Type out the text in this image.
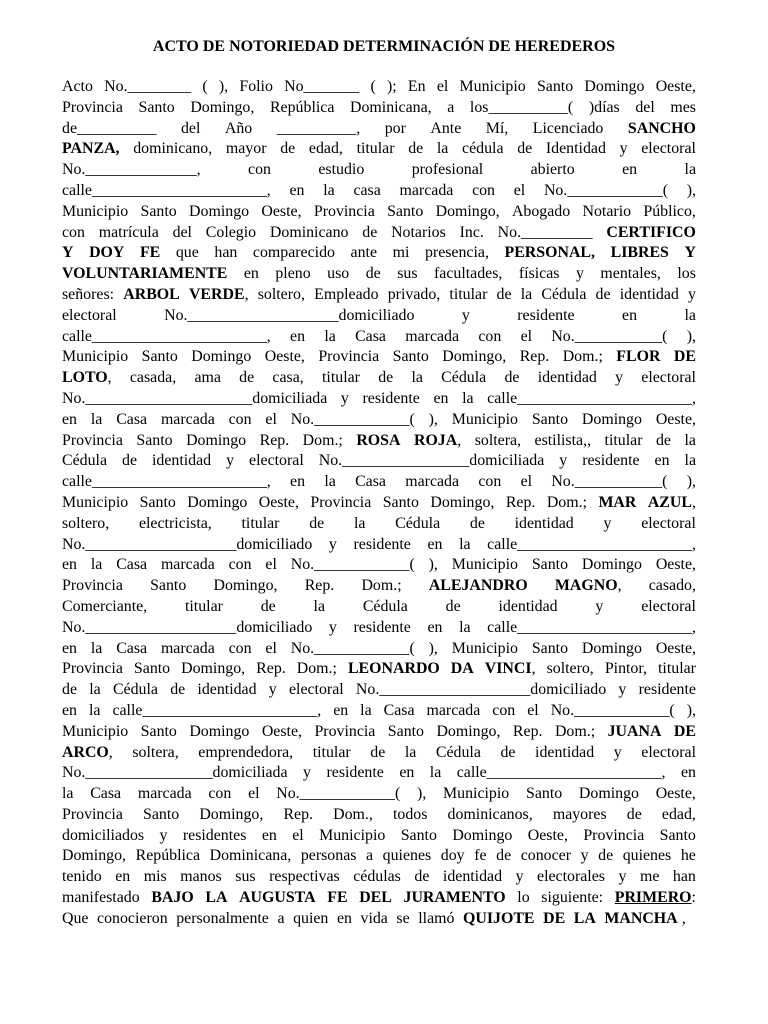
ACTO DE NOTORIEDAD DETERMINACIÓN DE HEREDEROS
Acto No.________ ( ), Folio No_______ ( ); En el Municipio Santo Domingo Oeste,
Provincia Santo Domingo, República Dominicana, a los__________( )días del mes
de__________ del Año __________, por Ante Mí, Licenciado SANCHO
PANZA, dominicano, mayor de edad, titular de la cédula de Identidad y electoral
No.______________,	con	estudio	profesional	abierto	en	la
calle______________________, en la casa marcada con el No.____________( ),
Municipio Santo Domingo Oeste, Provincia Santo Domingo, Abogado Notario Público,
con matrícula del Colegio Dominicano de Notarios Inc. No._________ CERTIFICO
Y DOY FE que han comparecido ante mi presencia, PERSONAL, LIBRES Y
VOLUNTARIAMENTE en pleno uso de sus facultades, físicas y mentales, los
señores: ARBOL VERDE, soltero, Empleado privado, titular de la Cédula de identidad y
electoral	No.___________________domiciliado	y	residente	en	la
calle______________________, en la Casa marcada con el No.___________( ),
Municipio Santo Domingo Oeste, Provincia Santo Domingo, Rep. Dom.; FLOR DE
LOTO, casada, ama de casa, titular de la Cédula de identidad y electoral
No._____________________domiciliada y residente en la calle______________________,
en la Casa marcada con el No.____________( ), Municipio Santo Domingo Oeste,
Provincia Santo Domingo Rep. Dom.; ROSA ROJA, soltera, estilista,, titular de la
Cédula de identidad y electoral No.________________domiciliada y residente en la
calle______________________, en la Casa marcada con el No.___________( ),
Municipio Santo Domingo Oeste, Provincia Santo Domingo, Rep. Dom.; MAR AZUL,
soltero, electricista, titular de la Cédula de identidad y electoral
No.___________________domiciliado y residente en la calle______________________,
en la Casa marcada con el No.____________( ), Municipio Santo Domingo Oeste,
Provincia Santo Domingo, Rep. Dom.; ALEJANDRO MAGNO, casado,
Comerciante, titular de la Cédula de identidad y electoral
No.___________________domiciliado y residente en la calle______________________,
en la Casa marcada con el No.____________( ), Municipio Santo Domingo Oeste,
Provincia Santo Domingo, Rep. Dom.; LEONARDO DA VINCI, soltero, Pintor, titular
de la Cédula de identidad y electoral No.___________________domiciliado y residente
en la calle______________________, en la Casa marcada con el No.____________( ),
Municipio Santo Domingo Oeste, Provincia Santo Domingo, Rep. Dom.; JUANA DE
ARCO, soltera, emprendedora, titular de la Cédula de identidad y electoral
No.________________domiciliada y residente en la calle______________________, en
la Casa marcada con el No.____________( ), Municipio Santo Domingo Oeste,
Provincia Santo Domingo, Rep. Dom., todos dominicanos, mayores de edad,
domiciliados y residentes en el Municipio Santo Domingo Oeste, Provincia Santo
Domingo, República Dominicana, personas a quienes doy fe de conocer y de quienes he
tenido en mis manos sus respectivas cédulas de identidad y electorales y me han
manifestado BAJO LA AUGUSTA FE DEL JURAMENTO lo siguiente: PRIMERO:
Que conocieron personalmente a quien en vida se llamó QUIJOTE DE LA MANCHA ,
